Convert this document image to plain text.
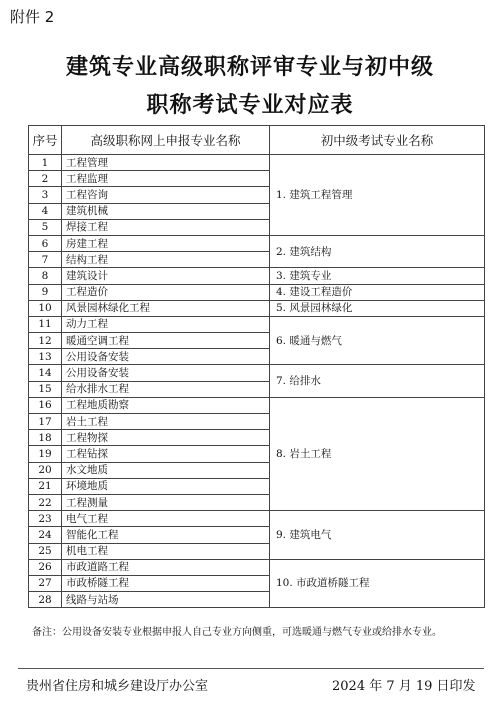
附件 2
建筑专业高级职称评审专业与初中级
职称考试专业对应表
序号	高级职称网上申报专业名称	初中级考试专业名称
1	工程管理	1. 建筑工程管理
2	工程监理	
3	工程咨询	
4	建筑机械	
5	焊接工程	
6	房建工程	2. 建筑结构
7	结构工程	
8	建筑设计	3. 建筑专业
9	工程造价	4. 建设工程造价
10	风景园林绿化工程	5. 风景园林绿化
11	动力工程	6. 暖通与燃气
12	暖通空调工程	
13	公用设备安装	
14	公用设备安装	7. 给排水
15	给水排水工程	
16	工程地质勘察	8. 岩土工程
17	岩土工程	
18	工程物探	
19	工程钻探	
20	水文地质	
21	环境地质	
22	工程测量	
23	电气工程	9. 建筑电气
24	智能化工程	
25	机电工程	
26	市政道路工程	10. 市政道桥隧工程
27	市政桥隧工程	
28	线路与站场	
备注：公用设备安装专业根据申报人自己专业方向侧重，可选暖通与燃气专业或给排水专业。
贵州省住房和城乡建设厅办公室	2024 年 7 月 19 日印发
